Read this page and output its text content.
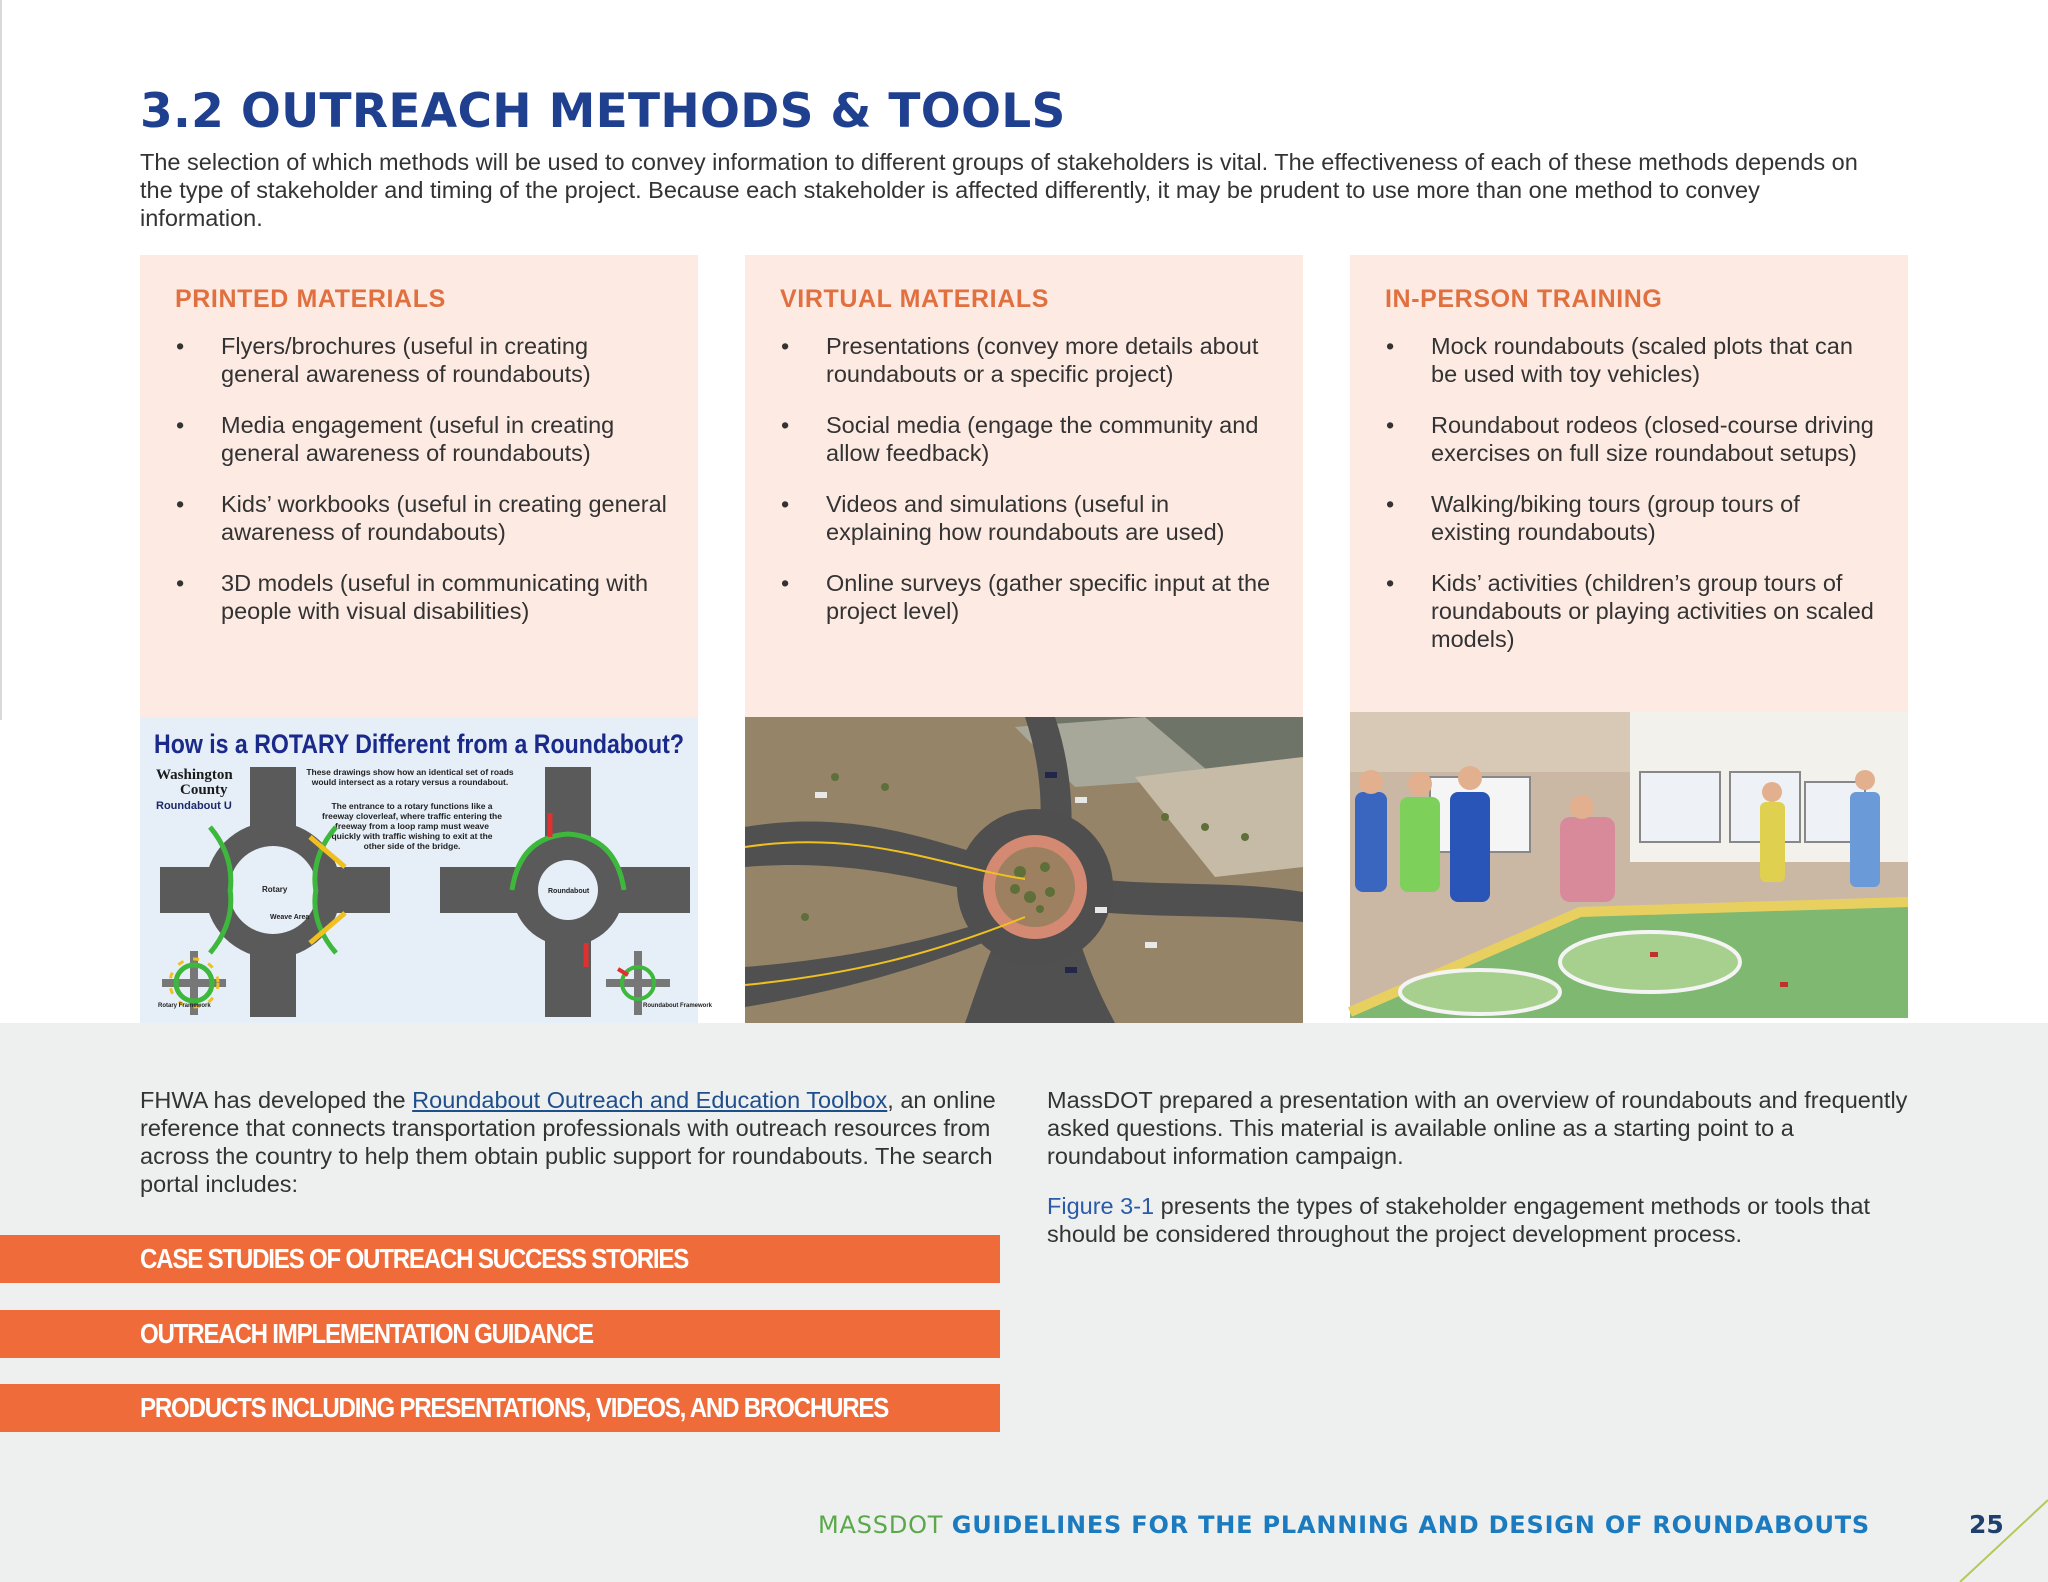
3.2 OUTREACH METHODS & TOOLS

The selection of which methods will be used to convey information to different groups of stakeholders is vital. The effectiveness of each of these methods depends on the type of stakeholder and timing of the project. Because each stakeholder is affected differently, it may be prudent to use more than one method to convey information.

PRINTED MATERIALS
• Flyers/brochures (useful in creating general awareness of roundabouts)
• Media engagement (useful in creating general awareness of roundabouts)
• Kids’ workbooks (useful in creating general awareness of roundabouts)
• 3D models (useful in communicating with people with visual disabilities)
How is a ROTARY Different from a Roundabout?
Washington
County
Roundabout U
These drawings show how an identical set of roads would intersect as a rotary versus a roundabout.
The entrance to a rotary functions like a freeway cloverleaf, where traffic entering the freeway from a loop ramp must weave quickly with traffic wishing to exit at the other side of the bridge.
Rotary
Weave Area
Roundabout
Rotary Framework	Roundabout Framework
VIRTUAL MATERIALS
• Presentations (convey more details about roundabouts or a specific project)
• Social media (engage the community and allow feedback)
• Videos and simulations (useful in explaining how roundabouts are used)
• Online surveys (gather specific input at the project level)
IN-PERSON TRAINING
• Mock roundabouts (scaled plots that can be used with toy vehicles)
• Roundabout rodeos (closed-course driving exercises on full size roundabout setups)
• Walking/biking tours (group tours of existing roundabouts)
• Kids’ activities (children’s group tours of roundabouts or playing activities on scaled models)

FHWA has developed the Roundabout Outreach and Education Toolbox, an online reference that connects transportation professionals with outreach resources from across the country to help them obtain public support for roundabouts. The search portal includes:

CASE STUDIES OF OUTREACH SUCCESS STORIES
OUTREACH IMPLEMENTATION GUIDANCE
PRODUCTS INCLUDING PRESENTATIONS, VIDEOS, AND BROCHURES

MassDOT prepared a presentation with an overview of roundabouts and frequently asked questions. This material is available online as a starting point to a roundabout information campaign.

Figure 3-1 presents the types of stakeholder engagement methods or tools that should be considered throughout the project development process.

MASSDOT GUIDELINES FOR THE PLANNING AND DESIGN OF ROUNDABOUTS	25
